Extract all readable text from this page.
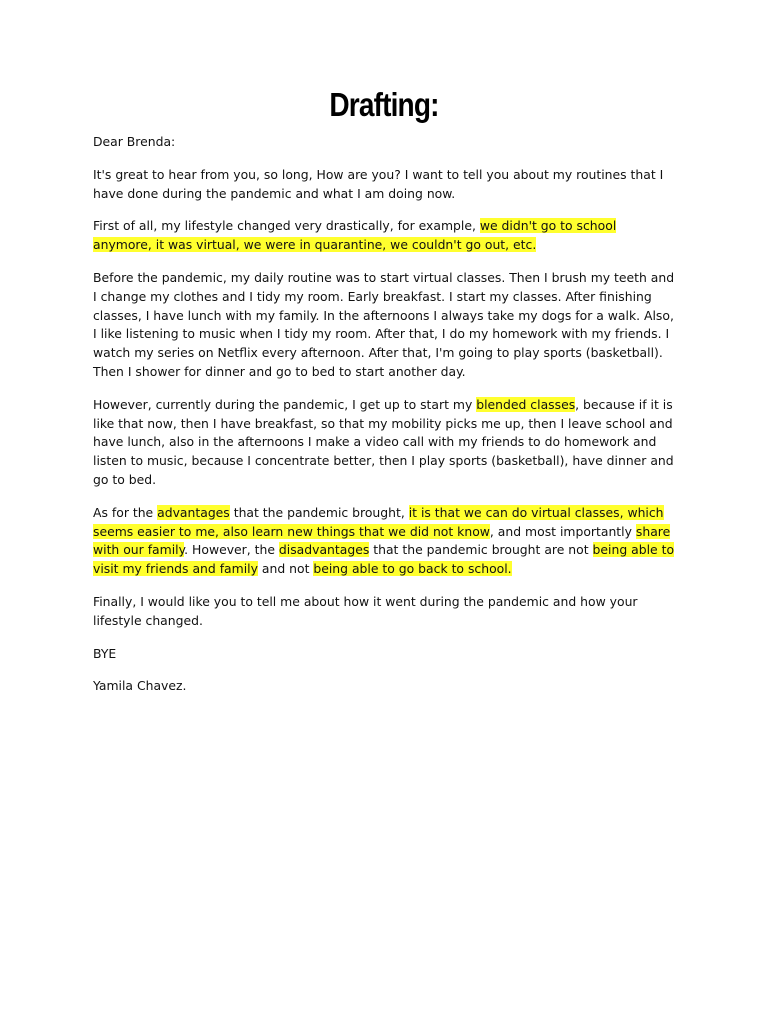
Drafting:

Dear Brenda:

It's great to hear from you, so long, How are you? I want to tell you about my routines that I have done during the pandemic and what I am doing now.

First of all, my lifestyle changed very drastically, for example, we didn't go to school anymore, it was virtual, we were in quarantine, we couldn't go out, etc.

Before the pandemic, my daily routine was to start virtual classes. Then I brush my teeth and I change my clothes and I tidy my room. Early breakfast. I start my classes. After finishing classes, I have lunch with my family. In the afternoons I always take my dogs for a walk. Also, I like listening to music when I tidy my room. After that, I do my homework with my friends. I watch my series on Netflix every afternoon. After that, I'm going to play sports (basketball). Then I shower for dinner and go to bed to start another day.

However, currently during the pandemic, I get up to start my blended classes, because if it is like that now, then I have breakfast, so that my mobility picks me up, then I leave school and have lunch, also in the afternoons I make a video call with my friends to do homework and listen to music, because I concentrate better, then I play sports (basketball), have dinner and go to bed.

As for the advantages that the pandemic brought, it is that we can do virtual classes, which seems easier to me, also learn new things that we did not know, and most importantly share with our family. However, the disadvantages that the pandemic brought are not being able to visit my friends and family and not being able to go back to school.

Finally, I would like you to tell me about how it went during the pandemic and how your lifestyle changed.

BYE

Yamila Chavez.
